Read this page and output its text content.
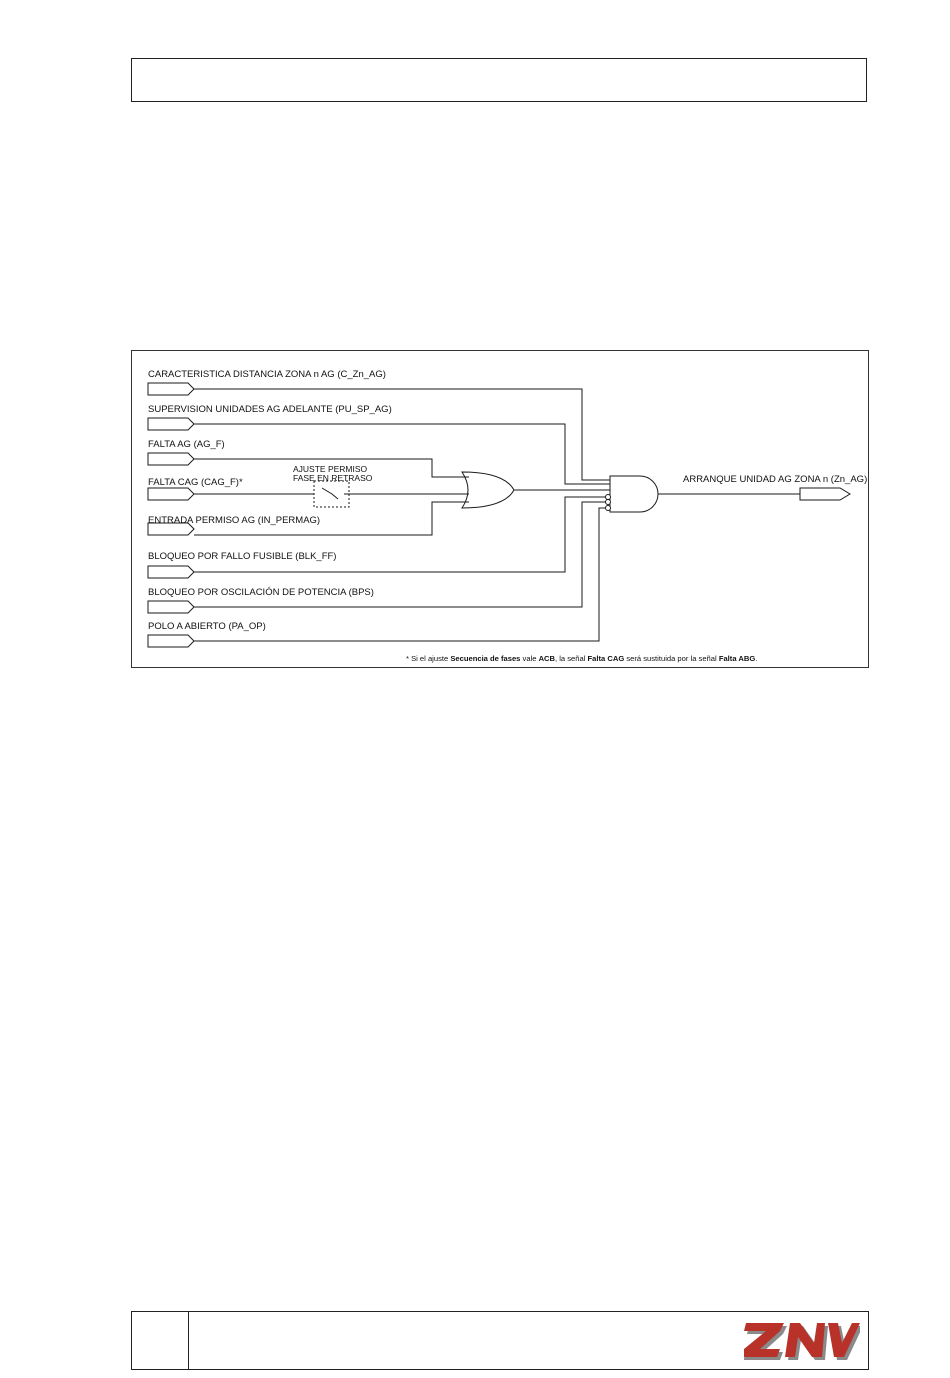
CARACTERISTICA DISTANCIA ZONA n AG (C_Zn_AG)
SUPERVISION UNIDADES AG ADELANTE (PU_SP_AG)
FALTA AG (AG_F)
FALTA CAG (CAG_F)*
ENTRADA PERMISO AG (IN_PERMAG)
BLOQUEO POR FALLO FUSIBLE (BLK_FF)
BLOQUEO POR OSCILACIÓN DE POTENCIA (BPS)
POLO A ABIERTO (PA_OP)
AJUSTE PERMISO
FASE EN RETRASO	ARRANQUE UNIDAD AG ZONA n (Zn_AG)
* Si el ajuste Secuencia de fases vale ACB, la señal Falta CAG será sustituida por la señal Falta ABG.
